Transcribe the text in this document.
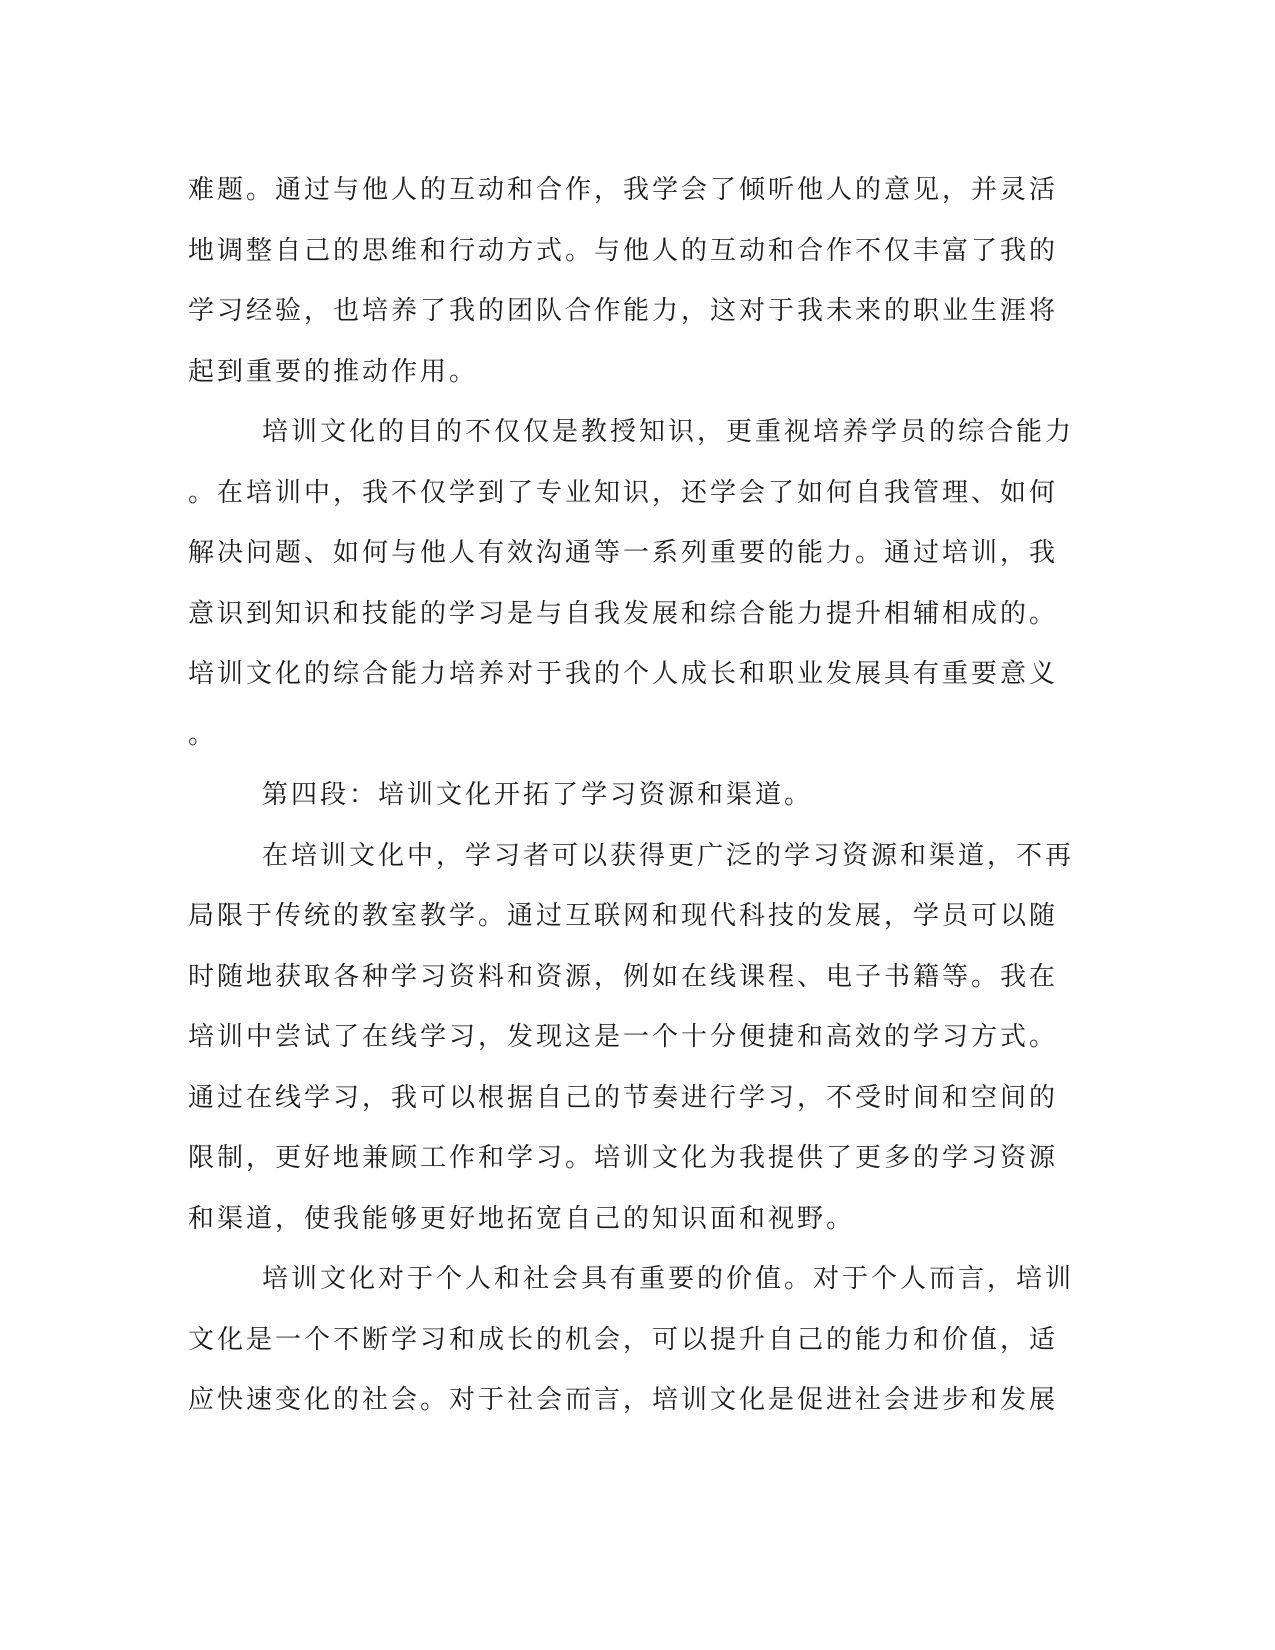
难题。通过与他人的互动和合作，我学会了倾听他人的意见，并灵活
地调整自己的思维和行动方式。与他人的互动和合作不仅丰富了我的
学习经验，也培养了我的团队合作能力，这对于我未来的职业生涯将
起到重要的推动作用。
培训文化的目的不仅仅是教授知识，更重视培养学员的综合能力
。在培训中，我不仅学到了专业知识，还学会了如何自我管理、如何
解决问题、如何与他人有效沟通等一系列重要的能力。通过培训，我
意识到知识和技能的学习是与自我发展和综合能力提升相辅相成的。
培训文化的综合能力培养对于我的个人成长和职业发展具有重要意义
。
第四段：培训文化开拓了学习资源和渠道。
在培训文化中，学习者可以获得更广泛的学习资源和渠道，不再
局限于传统的教室教学。通过互联网和现代科技的发展，学员可以随
时随地获取各种学习资料和资源，例如在线课程、电子书籍等。我在
培训中尝试了在线学习，发现这是一个十分便捷和高效的学习方式。
通过在线学习，我可以根据自己的节奏进行学习，不受时间和空间的
限制，更好地兼顾工作和学习。培训文化为我提供了更多的学习资源
和渠道，使我能够更好地拓宽自己的知识面和视野。
培训文化对于个人和社会具有重要的价值。对于个人而言，培训
文化是一个不断学习和成长的机会，可以提升自己的能力和价值，适
应快速变化的社会。对于社会而言，培训文化是促进社会进步和发展
